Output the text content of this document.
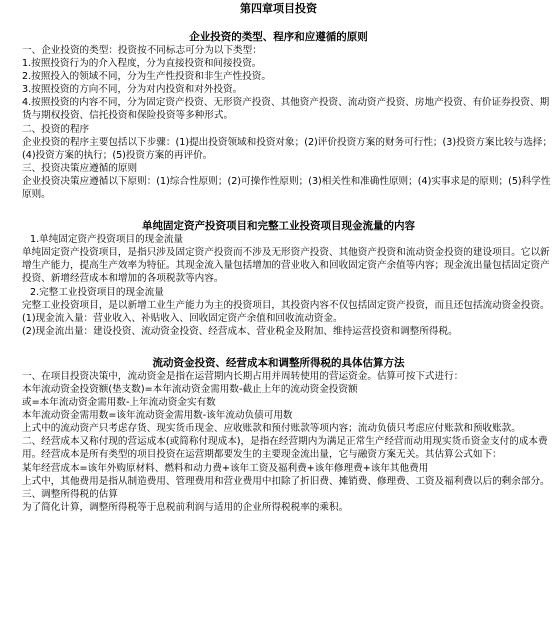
第四章项目投资
企业投资的类型、程序和应遵循的原则

一、企业投资的类型：投资按不同标志可分为以下类型：

1.按照投资行为的介入程度，分为直接投资和间接投资。

2.按照投入的领域不同，分为生产性投资和非生产性投资。

3.按照投资的方向不同，分为对内投资和对外投资。

4.按照投资的内容不同，分为固定资产投资、无形资产投资、其他资产投资、流动资产投资、房地产投资、有价证券投资、期货与期权投资、信托投资和保险投资等多种形式。

二、投资的程序

企业投资的程序主要包括以下步骤：(1)提出投资领域和投资对象；(2)评价投资方案的财务可行性；(3)投资方案比较与选择；(4)投资方案的执行；(5)投资方案的再评价。

三、投资决策应遵循的原则

企业投资决策应遵循以下原则：(1)综合性原则；(2)可操作性原则；(3)相关性和准确性原则；(4)实事求是的原则；(5)科学性原则。

单纯固定资产投资项目和完整工业投资项目现金流量的内容

1.单纯固定资产投资项目的现金流量

单纯固定资产投资项目，是指只涉及固定资产投资而不涉及无形资产投资、其他资产投资和流动资金投资的建设项目。它以新增生产能力，提高生产效率为特征。其现金流入量包括增加的营业收入和回收固定资产余值等内容；现金流出量包括固定资产投资、新增经营成本和增加的各项税款等内容。

2.完整工业投资项目的现金流量

完整工业投资项目，是以新增工业生产能力为主的投资项目，其投资内容不仅包括固定资产投资，而且还包括流动资金投资。

(1)现金流入量：营业收入、补贴收入、回收固定资产余值和回收流动资金。

(2)现金流出量：建设投资、流动资金投资、经营成本、营业税金及附加、维持运营投资和调整所得税。

流动资金投资、经营成本和调整所得税的具体估算方法

一、在项目投资决策中，流动资金是指在运营期内长期占用并周转使用的营运资金。估算可按下式进行：

本年流动资金投资额(垫支数)=本年流动资金需用数-截止上年的流动资金投资额

或=本年流动资金需用数-上年流动资金实有数

本年流动资金需用数=该年流动资金需用数-该年流动负债可用数

上式中的流动资产只考虑存货、现实货币现金、应收账款和预付账款等项内容；流动负债只考虑应付账款和预收账款。

二、经营成本又称付现的营运成本(或简称付现成本)，是指在经营期内为满足正常生产经营而动用现实货币资金支付的成本费用。经营成本是所有类型的项目投资在运营期都要发生的主要现金流出量，它与融资方案无关。其估算公式如下：

某年经营成本=该年外购原材料、燃料和动力费+该年工资及福利费+该年修理费+该年其他费用

上式中，其他费用是指从制造费用、管理费用和营业费用中扣除了折旧费、摊销费、修理费、工资及福利费以后的剩余部分。

三、调整所得税的估算

为了简化计算，调整所得税等于息税前利润与适用的企业所得税税率的乘积。
